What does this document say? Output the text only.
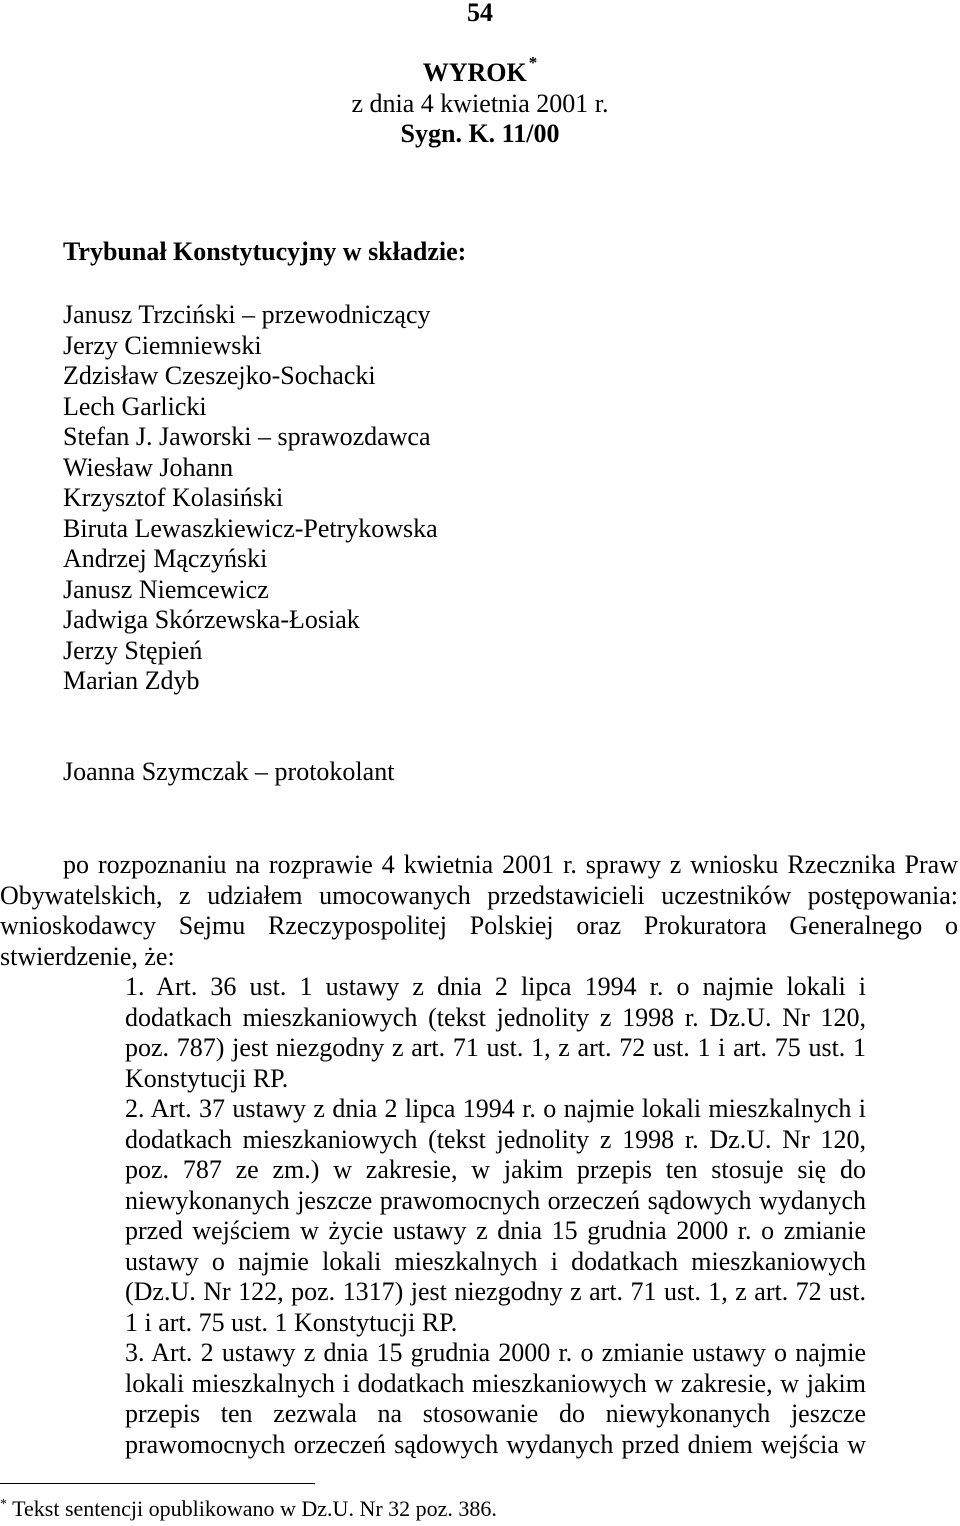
54
WYROK *
z dnia 4 kwietnia 2001 r.
Sygn. K. 11/00
Trybunał Konstytucyjny w składzie:
Janusz Trzciński – przewodniczący
Jerzy Ciemniewski
Zdzisław Czeszejko-Sochacki
Lech Garlicki
Stefan J. Jaworski – sprawozdawca
Wiesław Johann
Krzysztof Kolasiński
Biruta Lewaszkiewicz-Petrykowska
Andrzej Mączyński
Janusz Niemcewicz
Jadwiga Skórzewska-Łosiak
Jerzy Stępień
Marian Zdyb
Joanna Szymczak – protokolant
po rozpoznaniu na rozprawie 4 kwietnia 2001 r. sprawy z wniosku Rzecznika Praw
Obywatelskich, z udziałem umocowanych przedstawicieli uczestników postępowania:
wnioskodawcy Sejmu Rzeczypospolitej Polskiej oraz Prokuratora Generalnego o
stwierdzenie, że:
1. Art. 36 ust. 1 ustawy z dnia 2 lipca 1994 r. o najmie lokali i
dodatkach mieszkaniowych (tekst jednolity z 1998 r. Dz.U. Nr 120,
poz. 787) jest niezgodny z art. 71 ust. 1, z art. 72 ust. 1 i art. 75 ust. 1
Konstytucji RP.
2. Art. 37 ustawy z dnia 2 lipca 1994 r. o najmie lokali mieszkalnych i
dodatkach mieszkaniowych (tekst jednolity z 1998 r. Dz.U. Nr 120,
poz. 787 ze zm.) w zakresie, w jakim przepis ten stosuje się do
niewykonanych jeszcze prawomocnych orzeczeń sądowych wydanych
przed wejściem w życie ustawy z dnia 15 grudnia 2000 r. o zmianie
ustawy o najmie lokali mieszkalnych i dodatkach mieszkaniowych
(Dz.U. Nr 122, poz. 1317) jest niezgodny z art. 71 ust. 1, z art. 72 ust.
1 i art. 75 ust. 1 Konstytucji RP.
3. Art. 2 ustawy z dnia 15 grudnia 2000 r. o zmianie ustawy o najmie
lokali mieszkalnych i dodatkach mieszkaniowych w zakresie, w jakim
przepis ten zezwala na stosowanie do niewykonanych jeszcze
prawomocnych orzeczeń sądowych wydanych przed dniem wejścia w
* Tekst sentencji opublikowano w Dz.U. Nr 32 poz. 386.
